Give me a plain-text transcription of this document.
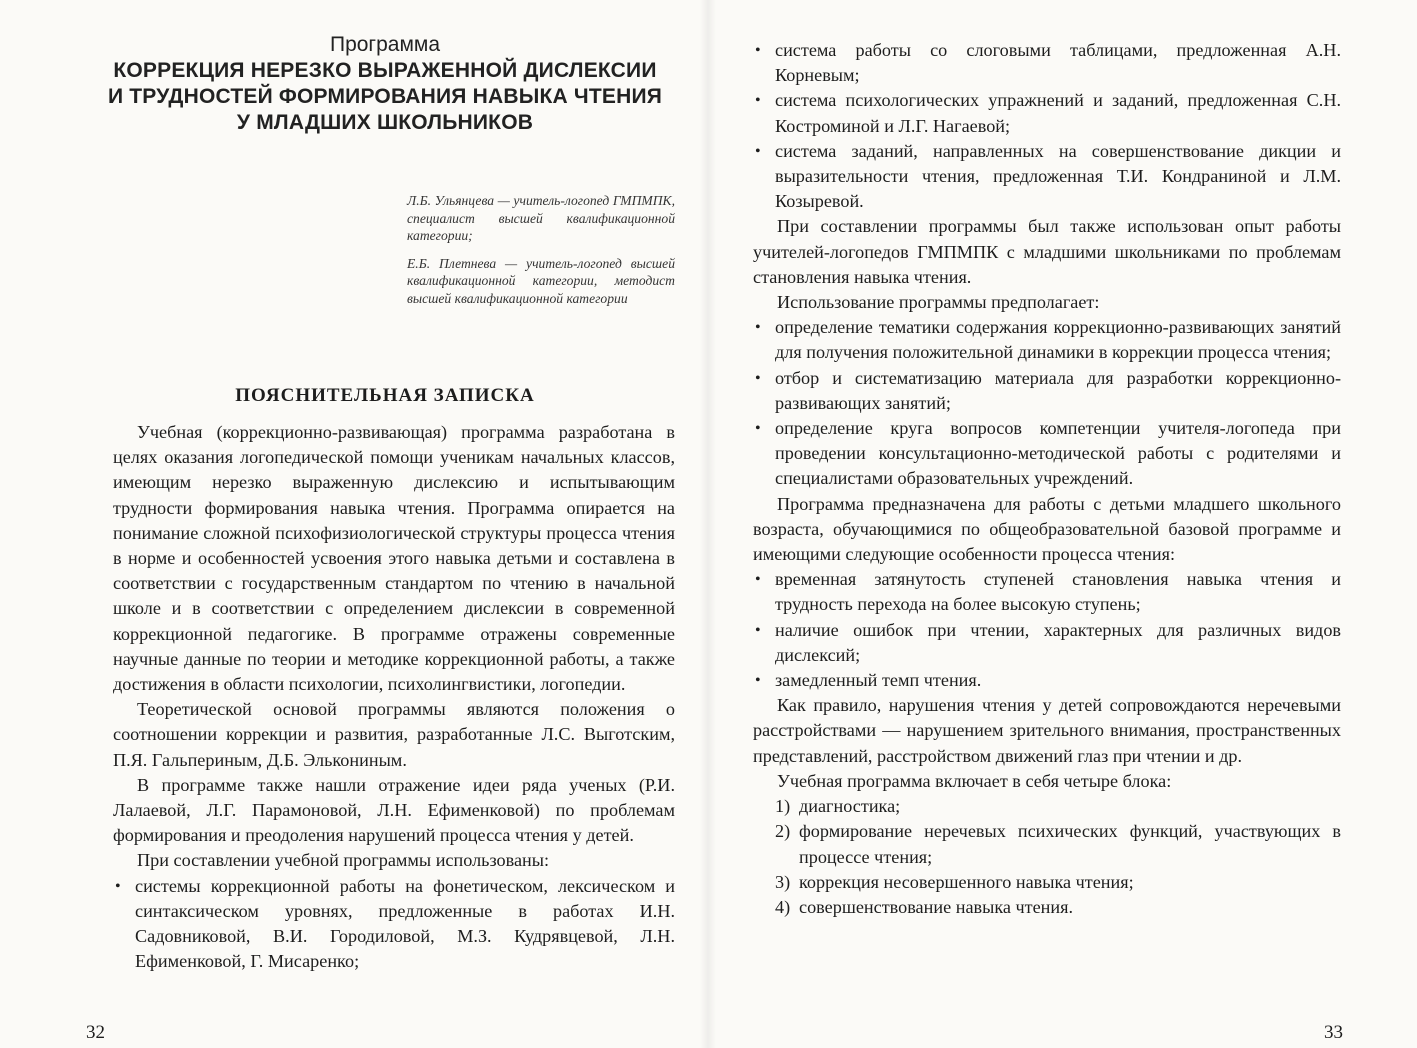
Программа
КОРРЕКЦИЯ НЕРЕЗКО ВЫРАЖЕННОЙ ДИСЛЕКСИИ
И ТРУДНОСТЕЙ ФОРМИРОВАНИЯ НАВЫКА ЧТЕНИЯ
У МЛАДШИХ ШКОЛЬНИКОВ

Л.Б. Ульянцева — учитель-логопед ГМПМПК, специалист высшей квалификационной категории;

Е.Б. Плетнева — учитель-логопед высшей квалификационной категории, методист высшей квалификационной категории

ПОЯСНИТЕЛЬНАЯ ЗАПИСКА

Учебная (коррекционно-развивающая) программа разработана в целях оказания логопедической помощи ученикам начальных классов, имеющим нерезко выраженную дислексию и испытывающим трудности формирования навыка чтения. Программа опирается на понимание сложной психофизиологической структуры процесса чтения в норме и особенностей усвоения этого навыка детьми и составлена в соответствии с государственным стандартом по чтению в начальной школе и в соответствии с определением дислексии в современной коррекционной педагогике. В программе отражены современные научные данные по теории и методике коррекционной работы, а также достижения в области психологии, психолингвистики, логопедии.

Теоретической основой программы являются положения о соотношении коррекции и развития, разработанные Л.С. Выготским, П.Я. Гальпериным, Д.Б. Элькониным.

В программе также нашли отражение идеи ряда ученых (Р.И. Лалаевой, Л.Г. Парамоновой, Л.Н. Ефименковой) по проблемам формирования и преодоления нарушений процесса чтения у детей.

При составлении учебной программы использованы:

• системы коррекционной работы на фонетическом, лексическом и синтаксическом уровнях, предложенные в работах И.Н. Садовниковой, В.И. Городиловой, М.З. Кудрявцевой, Л.Н. Ефименковой, Г. Мисаренко;
32
• система работы со слоговыми таблицами, предложенная А.Н. Корневым;
• система психологических упражнений и заданий, предложенная С.Н. Костроминой и Л.Г. Нагаевой;
• система заданий, направленных на совершенствование дикции и выразительности чтения, предложенная Т.И. Кондраниной и Л.М. Козыревой.

При составлении программы был также использован опыт работы учителей-логопедов ГМПМПК с младшими школьниками по проблемам становления навыка чтения.

Использование программы предполагает:

• определение тематики содержания коррекционно-развивающих занятий для получения положительной динамики в коррекции процесса чтения;
• отбор и систематизацию материала для разработки коррекционно-развивающих занятий;
• определение круга вопросов компетенции учителя-логопеда при проведении консультационно-методической работы с родителями и специалистами образовательных учреждений.

Программа предназначена для работы с детьми младшего школьного возраста, обучающимися по общеобразовательной базовой программе и имеющими следующие особенности процесса чтения:

• временная затянутость ступеней становления навыка чтения и трудность перехода на более высокую ступень;
• наличие ошибок при чтении, характерных для различных видов дислексий;
• замедленный темп чтения.

Как правило, нарушения чтения у детей сопровождаются неречевыми расстройствами — нарушением зрительного внимания, пространственных представлений, расстройством движений глаз при чтении и др.

Учебная программа включает в себя четыре блока:

1) диагностика;
2) формирование неречевых психических функций, участвующих в процессе чтения;
3) коррекция несовершенного навыка чтения;
4) совершенствование навыка чтения.
33
